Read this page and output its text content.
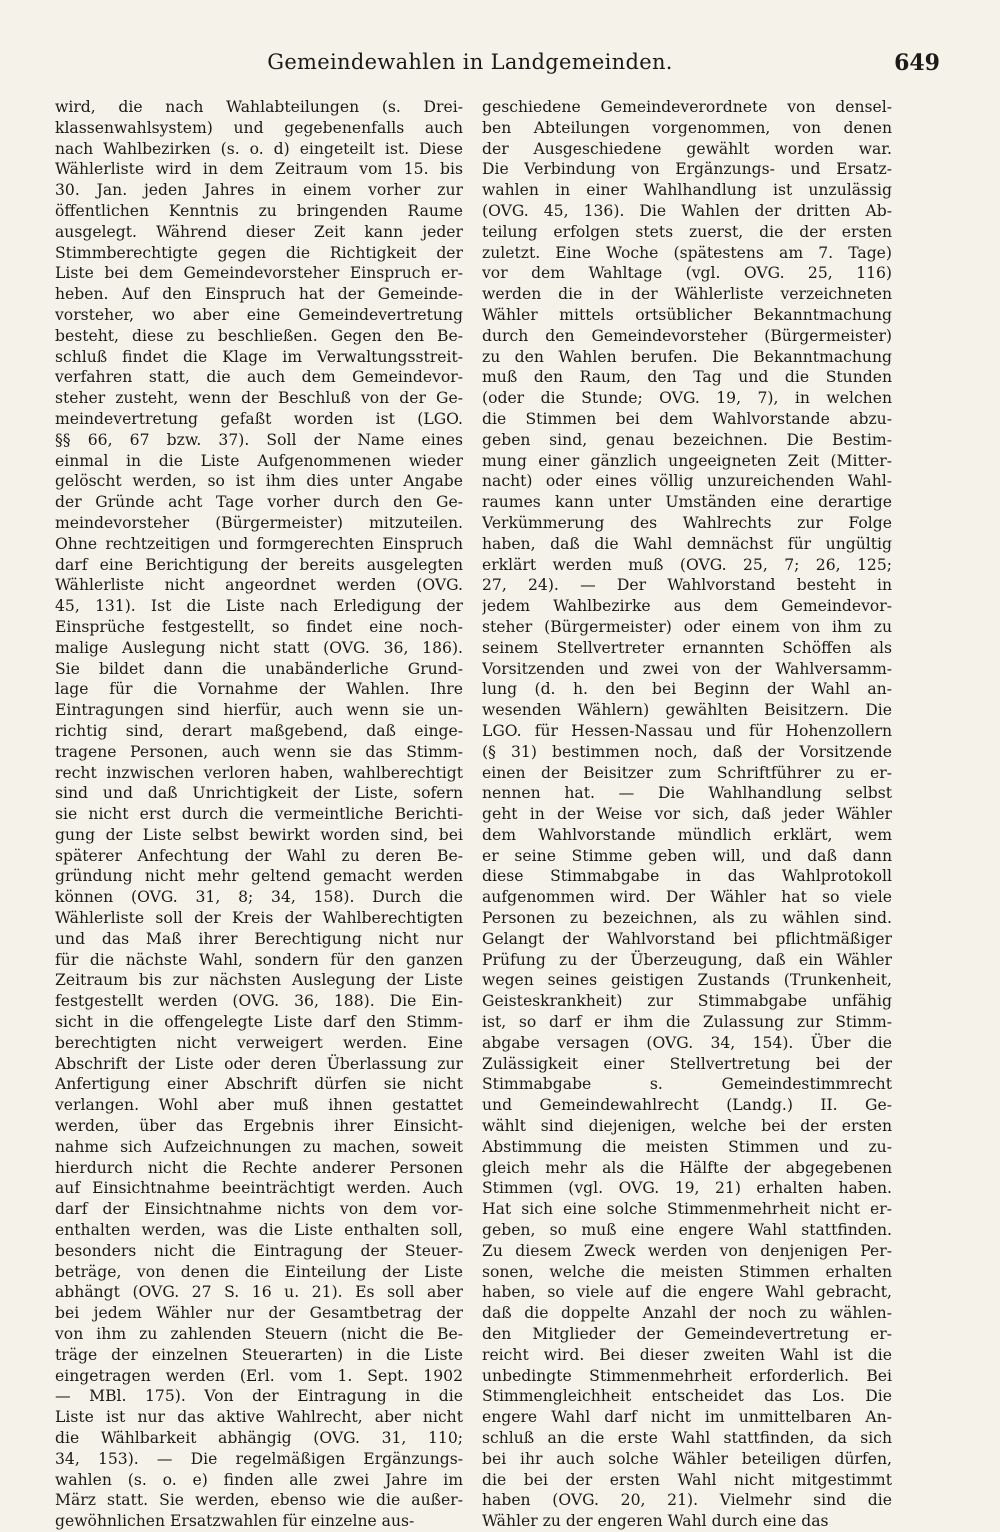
Gemeindewahlen in Landgemeinden.	649
wird, die nach Wahlabteilungen (s. Drei-
klassenwahlsystem) und gegebenenfalls auch
nach Wahlbezirken (s. o. d) eingeteilt ist. Diese
Wählerliste wird in dem Zeitraum vom 15. bis
30. Jan. jeden Jahres in einem vorher zur
öffentlichen Kenntnis zu bringenden Raume
ausgelegt. Während dieser Zeit kann jeder
Stimmberechtigte gegen die Richtigkeit der
Liste bei dem Gemeindevorsteher Einspruch er-
heben. Auf den Einspruch hat der Gemeinde-
vorsteher, wo aber eine Gemeindevertretung
besteht, diese zu beschließen. Gegen den Be-
schluß findet die Klage im Verwaltungsstreit-
verfahren statt, die auch dem Gemeindevor-
steher zusteht, wenn der Beschluß von der Ge-
meindevertretung gefaßt worden ist (LGO.
§§ 66, 67 bzw. 37). Soll der Name eines
einmal in die Liste Aufgenommenen wieder
gelöscht werden, so ist ihm dies unter Angabe
der Gründe acht Tage vorher durch den Ge-
meindevorsteher (Bürgermeister) mitzuteilen.
Ohne rechtzeitigen und formgerechten Einspruch
darf eine Berichtigung der bereits ausgelegten
Wählerliste nicht angeordnet werden (OVG.
45, 131). Ist die Liste nach Erledigung der
Einsprüche festgestellt, so findet eine noch-
malige Auslegung nicht statt (OVG. 36, 186).
Sie bildet dann die unabänderliche Grund-
lage für die Vornahme der Wahlen. Ihre
Eintragungen sind hierfür, auch wenn sie un-
richtig sind, derart maßgebend, daß einge-
tragene Personen, auch wenn sie das Stimm-
recht inzwischen verloren haben, wahlberechtigt
sind und daß Unrichtigkeit der Liste, sofern
sie nicht erst durch die vermeintliche Berichti-
gung der Liste selbst bewirkt worden sind, bei
späterer Anfechtung der Wahl zu deren Be-
gründung nicht mehr geltend gemacht werden
können (OVG. 31, 8; 34, 158). Durch die
Wählerliste soll der Kreis der Wahlberechtigten
und das Maß ihrer Berechtigung nicht nur
für die nächste Wahl, sondern für den ganzen
Zeitraum bis zur nächsten Auslegung der Liste
festgestellt werden (OVG. 36, 188). Die Ein-
sicht in die offengelegte Liste darf den Stimm-
berechtigten nicht verweigert werden. Eine
Abschrift der Liste oder deren Überlassung zur
Anfertigung einer Abschrift dürfen sie nicht
verlangen. Wohl aber muß ihnen gestattet
werden, über das Ergebnis ihrer Einsicht-
nahme sich Aufzeichnungen zu machen, soweit
hierdurch nicht die Rechte anderer Personen
auf Einsichtnahme beeinträchtigt werden. Auch
darf der Einsichtnahme nichts von dem vor-
enthalten werden, was die Liste enthalten soll,
besonders nicht die Eintragung der Steuer-
beträge, von denen die Einteilung der Liste
abhängt (OVG. 27 S. 16 u. 21). Es soll aber
bei jedem Wähler nur der Gesamtbetrag der
von ihm zu zahlenden Steuern (nicht die Be-
träge der einzelnen Steuerarten) in die Liste
eingetragen werden (Erl. vom 1. Sept. 1902
— MBl. 175). Von der Eintragung in die
Liste ist nur das aktive Wahlrecht, aber nicht
die Wählbarkeit abhängig (OVG. 31, 110;
34, 153). — Die regelmäßigen Ergänzungs-
wahlen (s. o. e) finden alle zwei Jahre im
März statt. Sie werden, ebenso wie die außer-
gewöhnlichen Ersatzwahlen für einzelne aus-
geschiedene Gemeindeverordnete von densel-
ben Abteilungen vorgenommen, von denen
der Ausgeschiedene gewählt worden war.
Die Verbindung von Ergänzungs- und Ersatz-
wahlen in einer Wahlhandlung ist unzulässig
(OVG. 45, 136). Die Wahlen der dritten Ab-
teilung erfolgen stets zuerst, die der ersten
zuletzt. Eine Woche (spätestens am 7. Tage)
vor dem Wahltage (vgl. OVG. 25, 116)
werden die in der Wählerliste verzeichneten
Wähler mittels ortsüblicher Bekanntmachung
durch den Gemeindevorsteher (Bürgermeister)
zu den Wahlen berufen. Die Bekanntmachung
muß den Raum, den Tag und die Stunden
(oder die Stunde; OVG. 19, 7), in welchen
die Stimmen bei dem Wahlvorstande abzu-
geben sind, genau bezeichnen. Die Bestim-
mung einer gänzlich ungeeigneten Zeit (Mitter-
nacht) oder eines völlig unzureichenden Wahl-
raumes kann unter Umständen eine derartige
Verkümmerung des Wahlrechts zur Folge
haben, daß die Wahl demnächst für ungültig
erklärt werden muß (OVG. 25, 7; 26, 125;
27, 24). — Der Wahlvorstand besteht in
jedem Wahlbezirke aus dem Gemeindevor-
steher (Bürgermeister) oder einem von ihm zu
seinem Stellvertreter ernannten Schöffen als
Vorsitzenden und zwei von der Wahlversamm-
lung (d. h. den bei Beginn der Wahl an-
wesenden Wählern) gewählten Beisitzern. Die
LGO. für Hessen-Nassau und für Hohenzollern
(§ 31) bestimmen noch, daß der Vorsitzende
einen der Beisitzer zum Schriftführer zu er-
nennen hat. — Die Wahlhandlung selbst
geht in der Weise vor sich, daß jeder Wähler
dem Wahlvorstande mündlich erklärt, wem
er seine Stimme geben will, und daß dann
diese Stimmabgabe in das Wahlprotokoll
aufgenommen wird. Der Wähler hat so viele
Personen zu bezeichnen, als zu wählen sind.
Gelangt der Wahlvorstand bei pflichtmäßiger
Prüfung zu der Überzeugung, daß ein Wähler
wegen seines geistigen Zustands (Trunkenheit,
Geisteskrankheit) zur Stimmabgabe unfähig
ist, so darf er ihm die Zulassung zur Stimm-
abgabe versagen (OVG. 34, 154). Über die
Zulässigkeit einer Stellvertretung bei der
Stimmabgabe s. Gemeindestimmrecht
und Gemeindewahlrecht (Landg.) II. Ge-
wählt sind diejenigen, welche bei der ersten
Abstimmung die meisten Stimmen und zu-
gleich mehr als die Hälfte der abgegebenen
Stimmen (vgl. OVG. 19, 21) erhalten haben.
Hat sich eine solche Stimmenmehrheit nicht er-
geben, so muß eine engere Wahl stattfinden.
Zu diesem Zweck werden von denjenigen Per-
sonen, welche die meisten Stimmen erhalten
haben, so viele auf die engere Wahl gebracht,
daß die doppelte Anzahl der noch zu wählen-
den Mitglieder der Gemeindevertretung er-
reicht wird. Bei dieser zweiten Wahl ist die
unbedingte Stimmenmehrheit erforderlich. Bei
Stimmengleichheit entscheidet das Los. Die
engere Wahl darf nicht im unmittelbaren An-
schluß an die erste Wahl stattfinden, da sich
bei ihr auch solche Wähler beteiligen dürfen,
die bei der ersten Wahl nicht mitgestimmt
haben (OVG. 20, 21). Vielmehr sind die
Wähler zu der engeren Wahl durch eine das
